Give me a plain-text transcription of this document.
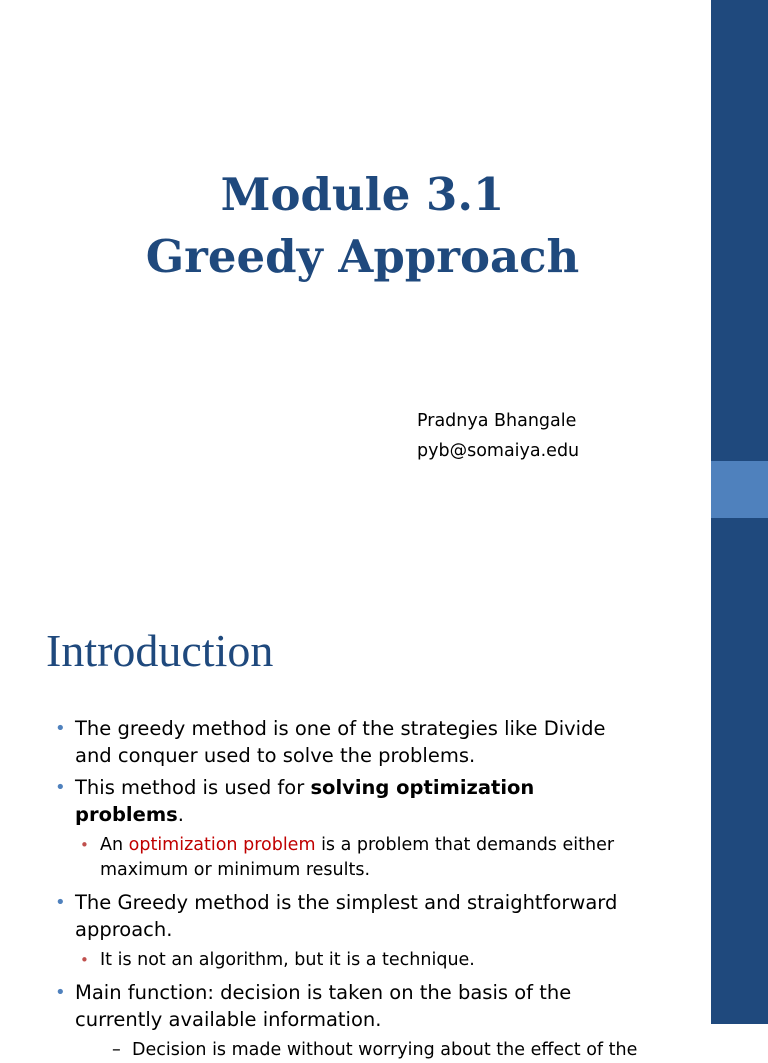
Module 3.1
Greedy Approach
Pradnya Bhangale
pyb@somaiya.edu
Introduction
• The greedy method is one of the strategies like Divide and conquer used to solve the problems.
• This method is used for solving optimization problems.
• An optimization problem is a problem that demands either maximum or minimum results.
• The Greedy method is the simplest and straightforward approach.
• It is not an algorithm, but it is a technique.
• Main function: decision is taken on the basis of the currently available information.
– Decision is made without worrying about the effect of the
